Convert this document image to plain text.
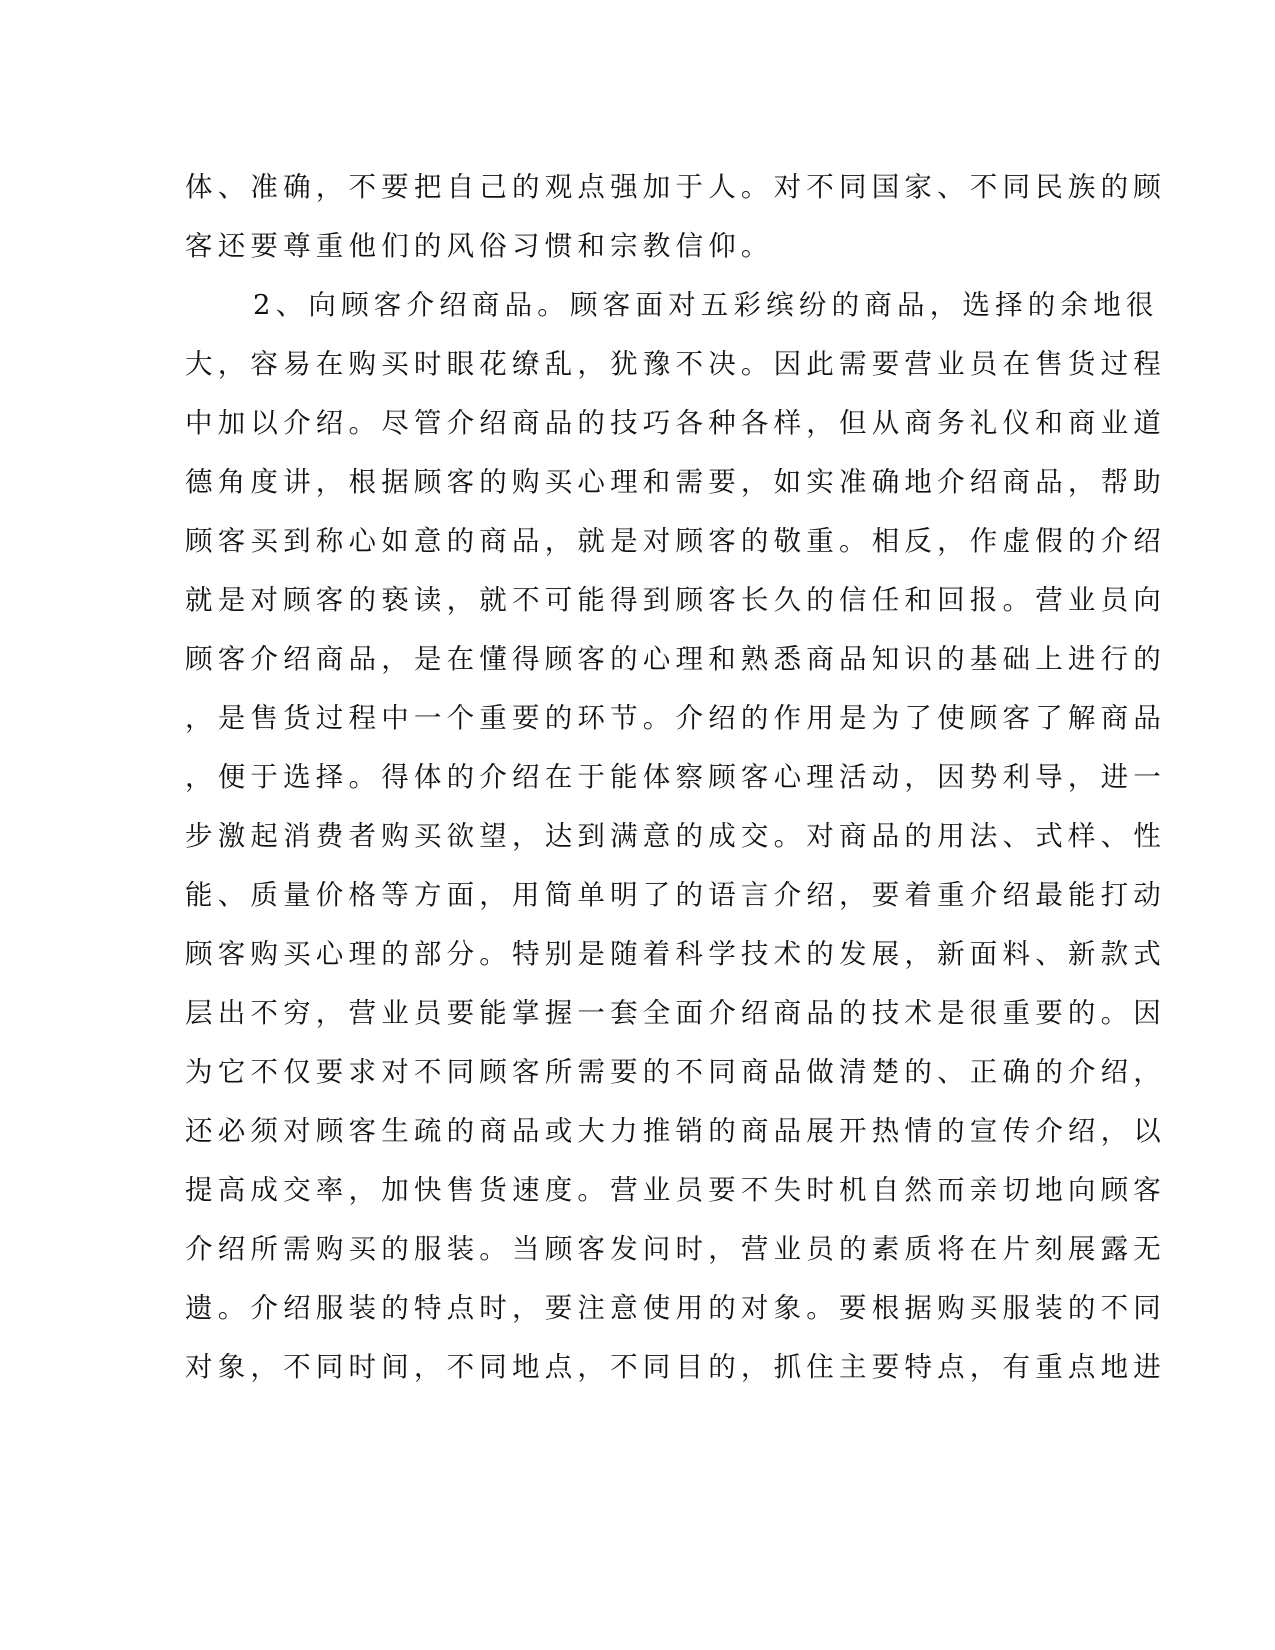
体、准确，不要把自己的观点强加于人。对不同国家、不同民族的顾
客还要尊重他们的风俗习惯和宗教信仰。
2、向顾客介绍商品。顾客面对五彩缤纷的商品，选择的余地很
大，容易在购买时眼花缭乱，犹豫不决。因此需要营业员在售货过程
中加以介绍。尽管介绍商品的技巧各种各样，但从商务礼仪和商业道
德角度讲，根据顾客的购买心理和需要，如实准确地介绍商品，帮助
顾客买到称心如意的商品，就是对顾客的敬重。相反，作虚假的介绍
就是对顾客的亵读，就不可能得到顾客长久的信任和回报。营业员向
顾客介绍商品，是在懂得顾客的心理和熟悉商品知识的基础上进行的
，是售货过程中一个重要的环节。介绍的作用是为了使顾客了解商品
，便于选择。得体的介绍在于能体察顾客心理活动，因势利导，进一
步激起消费者购买欲望，达到满意的成交。对商品的用法、式样、性
能、质量价格等方面，用简单明了的语言介绍，要着重介绍最能打动
顾客购买心理的部分。特别是随着科学技术的发展，新面料、新款式
层出不穷，营业员要能掌握一套全面介绍商品的技术是很重要的。因
为它不仅要求对不同顾客所需要的不同商品做清楚的、正确的介绍，
还必须对顾客生疏的商品或大力推销的商品展开热情的宣传介绍，以
提高成交率，加快售货速度。营业员要不失时机自然而亲切地向顾客
介绍所需购买的服装。当顾客发问时，营业员的素质将在片刻展露无
遗。介绍服装的特点时，要注意使用的对象。要根据购买服装的不同
对象，不同时间，不同地点，不同目的，抓住主要特点，有重点地进
